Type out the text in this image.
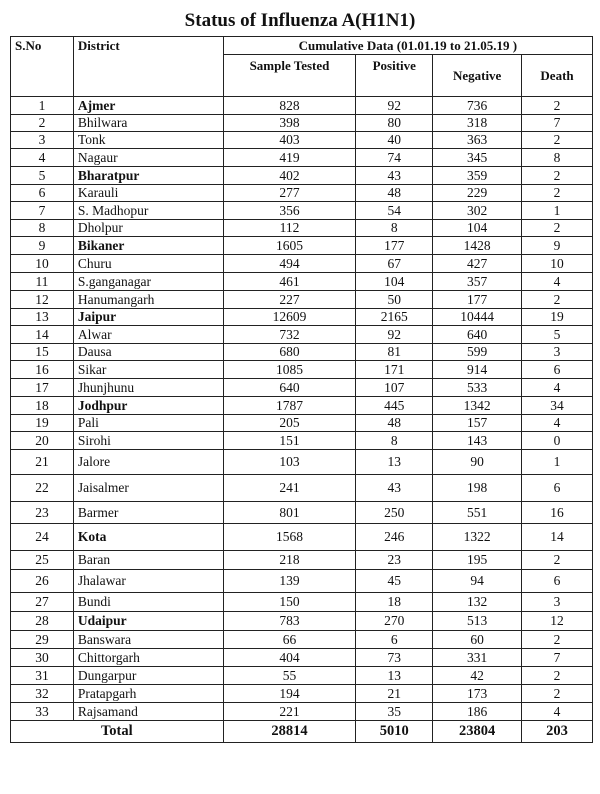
Status of Influenza A(H1N1)
S.No	District	Cumulative Data (01.01.19 to 21.05.19 )			
		Sample Tested	Positive	Negative	Death
1	Ajmer	828	92	736	2
2	Bhilwara	398	80	318	7
3	Tonk	403	40	363	2
4	Nagaur	419	74	345	8
5	Bharatpur	402	43	359	2
6	Karauli	277	48	229	2
7	S. Madhopur	356	54	302	1
8	Dholpur	112	8	104	2
9	Bikaner	1605	177	1428	9
10	Churu	494	67	427	10
11	S.ganganagar	461	104	357	4
12	Hanumangarh	227	50	177	2
13	Jaipur	12609	2165	10444	19
14	Alwar	732	92	640	5
15	Dausa	680	81	599	3
16	Sikar	1085	171	914	6
17	Jhunjhunu	640	107	533	4
18	Jodhpur	1787	445	1342	34
19	Pali	205	48	157	4
20	Sirohi	151	8	143	0
21	Jalore	103	13	90	1
22	Jaisalmer	241	43	198	6
23	Barmer	801	250	551	16
24	Kota	1568	246	1322	14
25	Baran	218	23	195	2
26	Jhalawar	139	45	94	6
27	Bundi	150	18	132	3
28	Udaipur	783	270	513	12
29	Banswara	66	6	60	2
30	Chittorgarh	404	73	331	7
31	Dungarpur	55	13	42	2
32	Pratapgarh	194	21	173	2
33	Rajsamand	221	35	186	4
Total		28814	5010	23804	203
